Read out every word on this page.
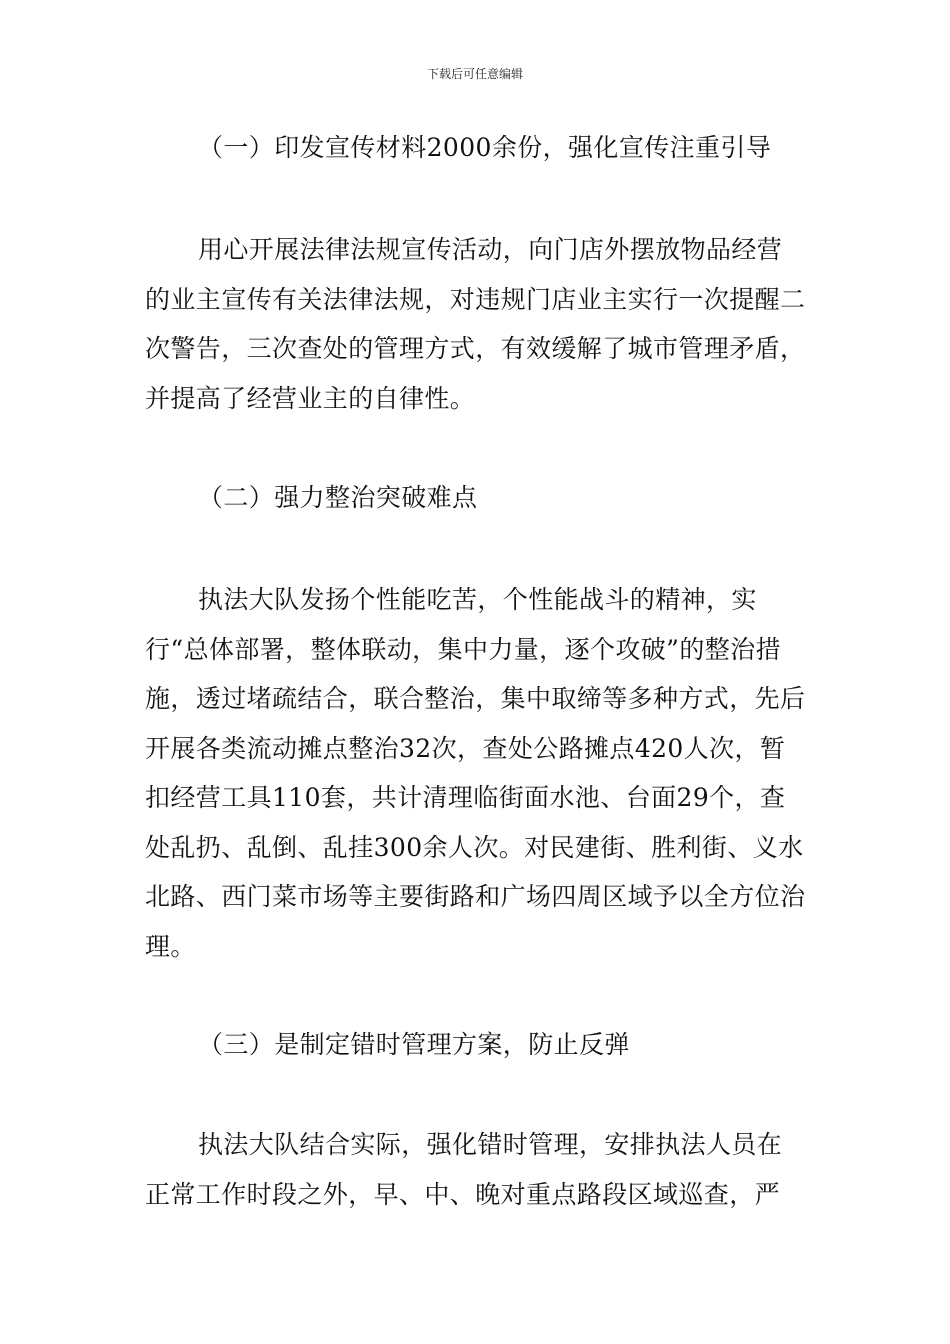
下载后可任意编辑
（一）印发宣传材料2000余份，强化宣传注重引导
用心开展法律法规宣传活动，向门店外摆放物品经营的业主宣传有关法律法规，对违规门店业主实行一次提醒二次警告，三次查处的管理方式，有效缓解了城市管理矛盾，并提高了经营业主的自律性。
（二）强力整治突破难点
执法大队发扬个性能吃苦，个性能战斗的精神，实行“总体部署，整体联动，集中力量，逐个攻破”的整治措施，透过堵疏结合，联合整治，集中取缔等多种方式，先后开展各类流动摊点整治32次，查处公路摊点420人次，暂扣经营工具110套，共计清理临街面水池、台面29个，查处乱扔、乱倒、乱挂300余人次。对民建街、胜利街、义水北路、西门菜市场等主要街路和广场四周区域予以全方位治理。
（三）是制定错时管理方案，防止反弹
执法大队结合实际，强化错时管理，安排执法人员在正常工作时段之外，早、中、晚对重点路段区域巡查，严
